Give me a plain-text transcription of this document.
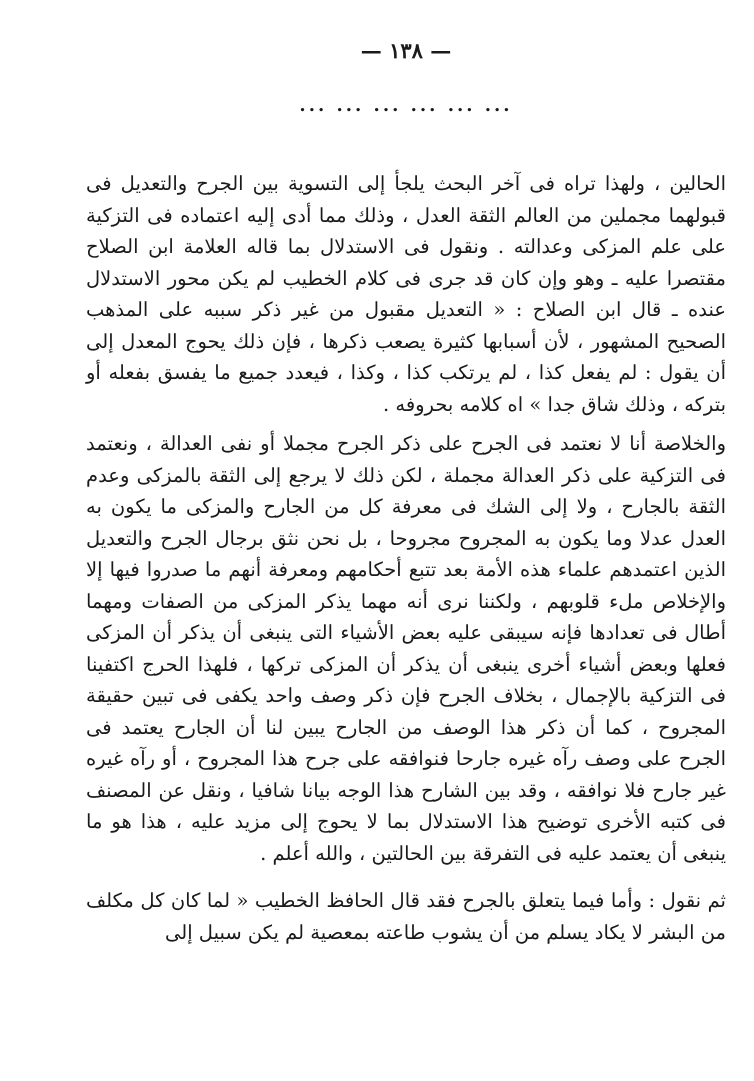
— ١٣٨ —
... ... ... ... ... ...

الحالين ، ولهذا تراه فى آخر البحث يلجأ إلى التسوية بين الجرح والتعديل فى قبولهما مجملين من العالم الثقة العدل ، وذلك مما أدى إليه اعتماده فى التزكية على علم المزكى وعدالته . ونقول فى الاستدلال بما قاله العلامة ابن الصلاح مقتصرا عليه ـ وهو وإن كان قد جرى فى كلام الخطيب لم يكن محور الاستدلال عنده ـ قال ابن الصلاح : « التعديل مقبول من غير ذكر سببه على المذهب الصحيح المشهور ، لأن أسبابها كثيرة يصعب ذكرها ، فإن ذلك يحوج المعدل إلى أن يقول : لم يفعل كذا ، لم يرتكب كذا ، وكذا ، فيعدد جميع ما يفسق بفعله أو بتركه ، وذلك شاق جدا » اه كلامه بحروفه .

والخلاصة أنا لا نعتمد فى الجرح على ذكر الجرح مجملا أو نفى العدالة ، ونعتمد فى التزكية على ذكر العدالة مجملة ، لكن ذلك لا يرجع إلى الثقة بالمزكى وعدم الثقة بالجارح ، ولا إلى الشك فى معرفة كل من الجارح والمزكى ما يكون به العدل عدلا وما يكون به المجروح مجروحا ، بل نحن نثق برجال الجرح والتعديل الذين اعتمدهم علماء هذه الأمة بعد تتبع أحكامهم ومعرفة أنهم ما صدروا فيها إلا والإخلاص ملء قلوبهم ، ولكننا نرى أنه مهما يذكر المزكى من الصفات ومهما أطال فى تعدادها فإنه سيبقى عليه بعض الأشياء التى ينبغى أن يذكر أن المزكى فعلها وبعض أشياء أخرى ينبغى أن يذكر أن المزكى تركها ، فلهذا الحرج اكتفينا فى التزكية بالإجمال ، بخلاف الجرح فإن ذكر وصف واحد يكفى فى تبين حقيقة المجروح ، كما أن ذكر هذا الوصف من الجارح يبين لنا أن الجارح يعتمد فى الجرح على وصف رآه غيره جارحا فنوافقه على جرح هذا المجروح ، أو رآه غيره غير جارح فلا نوافقه ، وقد بين الشارح هذا الوجه بيانا شافيا ، ونقل عن المصنف فى كتبه الأخرى توضيح هذا الاستدلال بما لا يحوج إلى مزيد عليه ، هذا هو ما ينبغى أن يعتمد عليه فى التفرقة بين الحالتين ، والله أعلم .

ثم نقول : وأما فيما يتعلق بالجرح فقد قال الحافظ الخطيب « لما كان كل مكلف من البشر لا يكاد يسلم من أن يشوب طاعته بمعصية لم يكن سبيل إلى
